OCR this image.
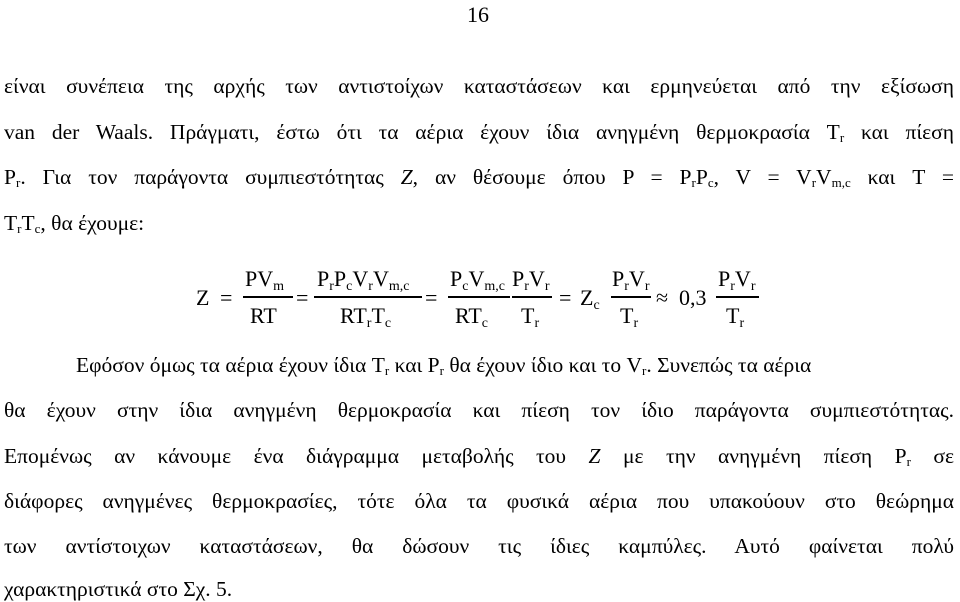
16
είναι συνέπεια της αρχής των αντιστοίχων καταστάσεων και ερμηνεύεται από την εξίσωση
van der Waals. Πράγματι, έστω ότι τα αέρια έχουν ίδια ανηγμένη θερμοκρασία $T_r$ και πίεση
$P_r$. Για τον παράγοντα συμπιεστότητας Z, αν θέσουμε όπου $P = P_rP_c$, $V = V_rV_{m,c}$ και T =
$T_rT_c$, θα έχουμε:
Z =
PVm
RT
=
PrPcVrVm,c
RTrTc
=
PcVm,c
RTc
PrVr
Tr
= Zc
PrVr
Tr
≈ 0,3
PrVr
Tr
Εφόσον όμως τα αέρια έχουν ίδια $T_r$ και $P_r$ θα έχουν ίδιο και το $V_r$. Συνεπώς τα αέρια
θα έχουν στην ίδια ανηγμένη θερμοκρασία και πίεση τον ίδιο παράγοντα συμπιεστότητας.
Επομένως αν κάνουμε ένα διάγραμμα μεταβολής του Z με την ανηγμένη πίεση $P_r$ σε
διάφορες ανηγμένες θερμοκρασίες, τότε όλα τα φυσικά αέρια που υπακούουν στο θεώρημα
των αντίστοιχων καταστάσεων, θα δώσουν τις ίδιες καμπύλες. Αυτό φαίνεται πολύ
χαρακτηριστικά στο Σχ. 5.
